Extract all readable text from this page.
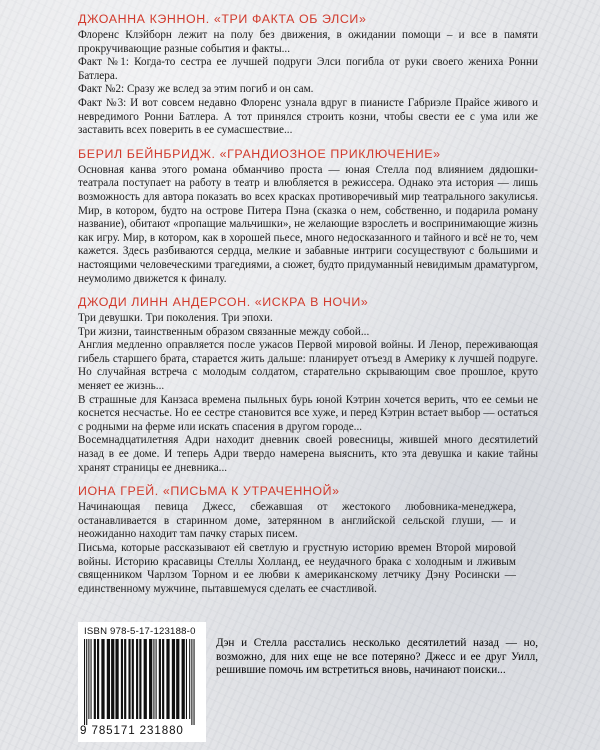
ДЖОАННА КЭННОН. «ТРИ ФАКТА ОБ ЭЛСИ»

Флоренс Клэйборн лежит на полу без движения, в ожидании помощи – и все в памяти прокручивающие разные события и факты...

Факт №1: Когда-то сестра ее лучшей подруги Элси погибла от руки своего жениха Ронни Батлера.

Факт №2: Сразу же вслед за этим погиб и он сам.

Факт №3: И вот совсем недавно Флоренс узнала вдруг в пианисте Габриэле Прайсе живого и невредимого Ронни Батлера. А тот принялся строить козни, чтобы свести ее с ума или же заставить всех поверить в ее сумасшествие...

БЕРИЛ БЕЙНБРИДЖ. «ГРАНДИОЗНОЕ ПРИКЛЮЧЕНИЕ»

Основная канва этого романа обманчиво проста — юная Стелла под влиянием дядюшки-театрала поступает на работу в театр и влюбляется в режиссера. Однако эта история — лишь возможность для автора показать во всех красках противоречивый мир театрального закулисья. Мир, в котором, будто на острове Питера Пэна (сказка о нем, собственно, и подарила роману название), обитают «пропащие мальчишки», не желающие взрослеть и воспринимающие жизнь как игру. Мир, в котором, как в хорошей пьесе, много недосказанного и тайного и всё не то, чем кажется. Здесь разбиваются сердца, мелкие и забавные интриги сосуществуют с большими и настоящими человеческими трагедиями, а сюжет, будто придуманный невидимым драматургом, неумолимо движется к финалу.

ДЖОДИ ЛИНН АНДЕРСОН. «ИСКРА В НОЧИ»

Три девушки. Три поколения. Три эпохи.

Три жизни, таинственным образом связанные между собой...

Англия медленно оправляется после ужасов Первой мировой войны. И Ленор, переживающая гибель старшего брата, старается жить дальше: планирует отъезд в Америку к лучшей подруге. Но случайная встреча с молодым солдатом, старательно скрывающим свое прошлое, круто меняет ее жизнь...

В страшные для Канзаса времена пыльных бурь юной Кэтрин хочется верить, что ее семьи не коснется несчастье. Но ее сестре становится все хуже, и перед Кэтрин встает выбор — остаться с родными на ферме или искать спасения в другом городе...

Восемнадцатилетняя Адри находит дневник своей ровесницы, жившей много десятилетий назад в ее доме. И теперь Адри твердо намерена выяснить, кто эта девушка и какие тайны хранят страницы ее дневника...

ИОНА ГРЕЙ. «ПИСЬМА К УТРАЧЕННОЙ»

Начинающая певица Джесс, сбежавшая от жестокого любовника-менеджера, останавливается в старинном доме, затерянном в английской сельской глуши, — и неожиданно находит там пачку старых писем.

Письма, которые рассказывают ей светлую и грустную историю времен Второй мировой войны. Историю красавицы Стеллы Холланд, ее неудачного брака с холодным и лживым священником Чарлзом Торном и ее любви к американскому летчику Дэну Росински — единственному мужчине, пытавшемуся сделать ее счастливой.

Дэн и Стелла расстались несколько десятилетий назад — но, возможно, для них еще не все потеряно? Джесс и ее друг Уилл, решившие помочь им встретиться вновь, начинают поиски...

ISBN 978-5-17-123188-0
9 785171 231880
